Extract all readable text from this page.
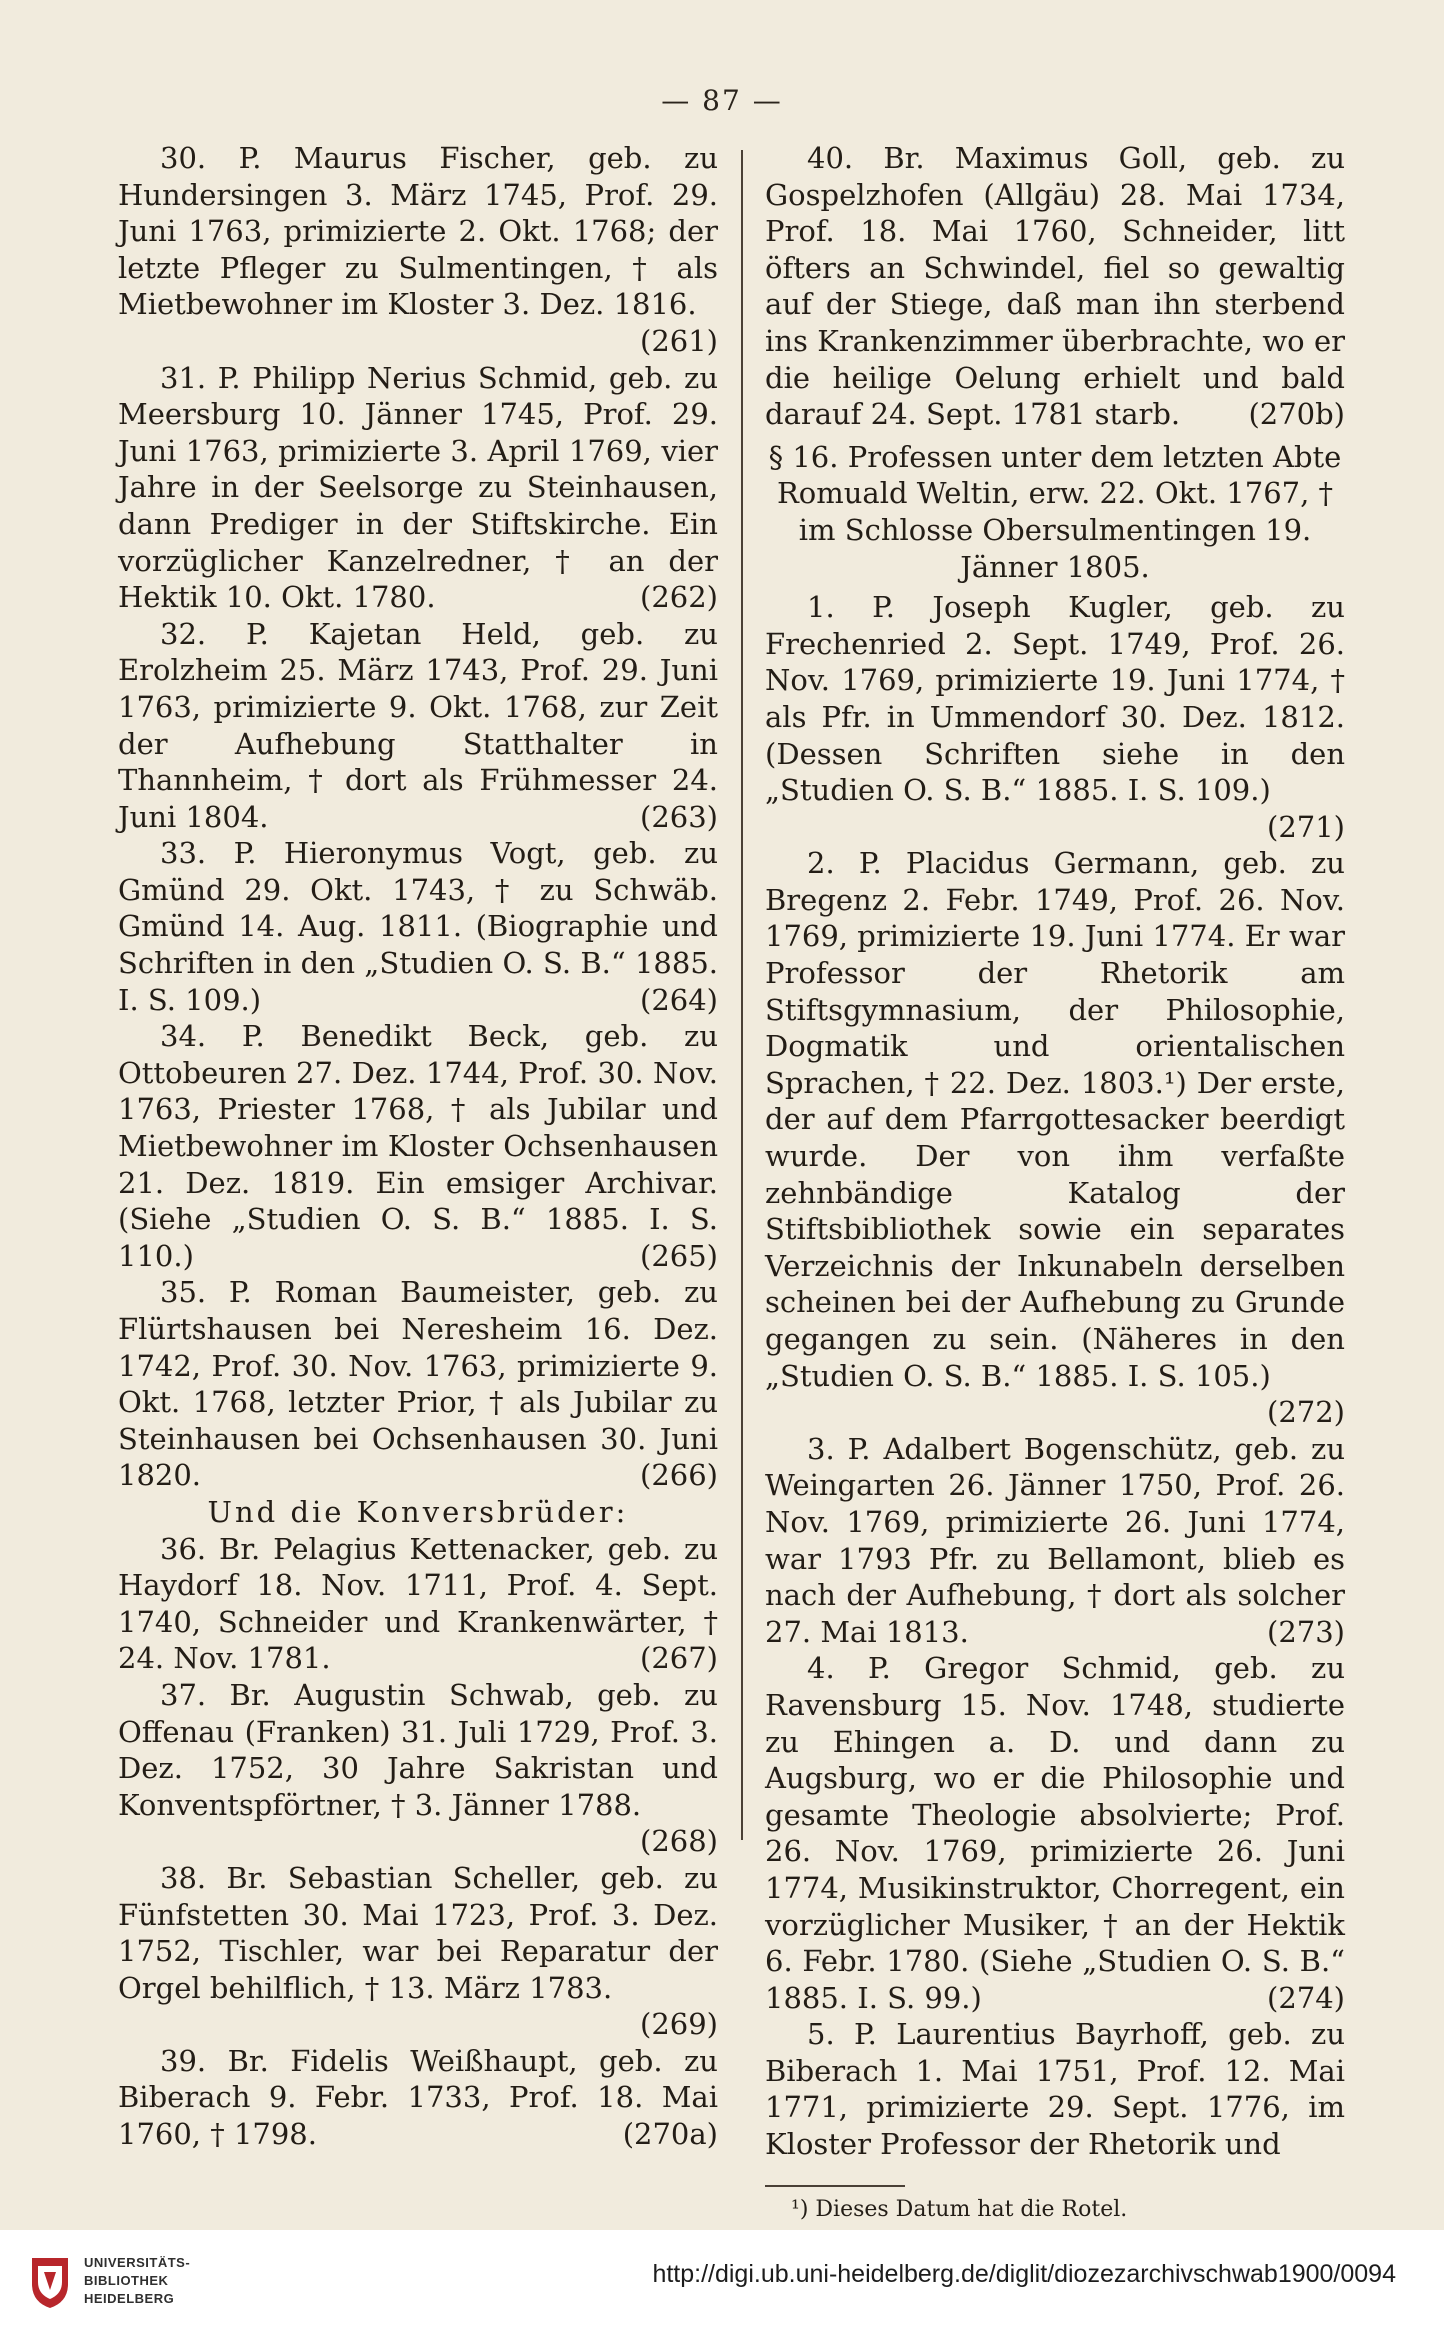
— 87 —

30. P. Maurus Fischer, geb. zu Hundersingen 3. März 1745, Prof. 29. Juni 1763, primizierte 2. Okt. 1768; der letzte Pfleger zu Sulmentingen, † als Mietbewohner im Kloster 3. Dez. 1816.
(261)

31. P. Philipp Nerius Schmid, geb. zu Meersburg 10. Jänner 1745, Prof. 29. Juni 1763, primizierte 3. April 1769, vier Jahre in der Seelsorge zu Steinhausen, dann Prediger in der Stiftskirche. Ein vorzüglicher Kanzelredner, † an der Hektik 10. Okt. 1780.	(262)

32. P. Kajetan Held, geb. zu Erolzheim 25. März 1743, Prof. 29. Juni 1763, primizierte 9. Okt. 1768, zur Zeit der Aufhebung Statthalter in Thannheim, † dort als Frühmesser 24. Juni 1804.	(263)

33. P. Hieronymus Vogt, geb. zu Gmünd 29. Okt. 1743, † zu Schwäb. Gmünd 14. Aug. 1811. (Biographie und Schriften in den „Studien O. S. B.“ 1885. I. S. 109.)	(264)

34. P. Benedikt Beck, geb. zu Ottobeuren 27. Dez. 1744, Prof. 30. Nov. 1763, Priester 1768, † als Jubilar und Mietbewohner im Kloster Ochsenhausen 21. Dez. 1819. Ein emsiger Archivar. (Siehe „Studien O. S. B.“ 1885. I. S. 110.)	(265)

35. P. Roman Baumeister, geb. zu Flürtshausen bei Neresheim 16. Dez. 1742, Prof. 30. Nov. 1763, primizierte 9. Okt. 1768, letzter Prior, † als Jubilar zu Steinhausen bei Ochsenhausen 30. Juni 1820.	(266)

Und die Konversbrüder:

36. Br. Pelagius Kettenacker, geb. zu Haydorf 18. Nov. 1711, Prof. 4. Sept. 1740, Schneider und Krankenwärter, † 24. Nov. 1781.	(267)

37. Br. Augustin Schwab, geb. zu Offenau (Franken) 31. Juli 1729, Prof. 3. Dez. 1752, 30 Jahre Sakristan und Konventspförtner, † 3. Jänner 1788.
(268)

38. Br. Sebastian Scheller, geb. zu Fünfstetten 30. Mai 1723, Prof. 3. Dez. 1752, Tischler, war bei Reparatur der Orgel behilflich, † 13. März 1783.
(269)

39. Br. Fidelis Weißhaupt, geb. zu Biberach 9. Febr. 1733, Prof. 18. Mai 1760, † 1798.	(270a)

40. Br. Maximus Goll, geb. zu Gospelzhofen (Allgäu) 28. Mai 1734, Prof. 18. Mai 1760, Schneider, litt öfters an Schwindel, fiel so gewaltig auf der Stiege, daß man ihn sterbend ins Krankenzimmer überbrachte, wo er die heilige Oelung erhielt und bald darauf 24. Sept. 1781 starb.	(270b)

§ 16. Professen unter dem letzten Abte Romuald Weltin, erw. 22. Okt. 1767, † im Schlosse Obersulmentingen 19. Jänner 1805.

1. P. Joseph Kugler, geb. zu Frechenried 2. Sept. 1749, Prof. 26. Nov. 1769, primizierte 19. Juni 1774, † als Pfr. in Ummendorf 30. Dez. 1812. (Dessen Schriften siehe in den „Studien O. S. B.“ 1885. I. S. 109.)
(271)

2. P. Placidus Germann, geb. zu Bregenz 2. Febr. 1749, Prof. 26. Nov. 1769, primizierte 19. Juni 1774. Er war Professor der Rhetorik am Stiftsgymnasium, der Philosophie, Dogmatik und orientalischen Sprachen, † 22. Dez. 1803.¹) Der erste, der auf dem Pfarrgottesacker beerdigt wurde. Der von ihm verfaßte zehnbändige Katalog der Stiftsbibliothek sowie ein separates Verzeichnis der Inkunabeln derselben scheinen bei der Aufhebung zu Grunde gegangen zu sein. (Näheres in den „Studien O. S. B.“ 1885. I. S. 105.)
(272)

3. P. Adalbert Bogenschütz, geb. zu Weingarten 26. Jänner 1750, Prof. 26. Nov. 1769, primizierte 26. Juni 1774, war 1793 Pfr. zu Bellamont, blieb es nach der Aufhebung, † dort als solcher 27. Mai 1813.	(273)

4. P. Gregor Schmid, geb. zu Ravensburg 15. Nov. 1748, studierte zu Ehingen a. D. und dann zu Augsburg, wo er die Philosophie und gesamte Theologie absolvierte; Prof. 26. Nov. 1769, primizierte 26. Juni 1774, Musikinstruktor, Chorregent, ein vorzüglicher Musiker, † an der Hektik 6. Febr. 1780. (Siehe „Studien O. S. B.“ 1885. I. S. 99.)	(274)

5. P. Laurentius Bayrhoff, geb. zu Biberach 1. Mai 1751, Prof. 12. Mai 1771, primizierte 29. Sept. 1776, im Kloster Professor der Rhetorik und

¹) Dieses Datum hat die Rotel.

UNIVERSITÄTS-
BIBLIOTHEK
HEIDELBERG
http://digi.ub.uni-heidelberg.de/diglit/diozezarchivschwab1900/0094
